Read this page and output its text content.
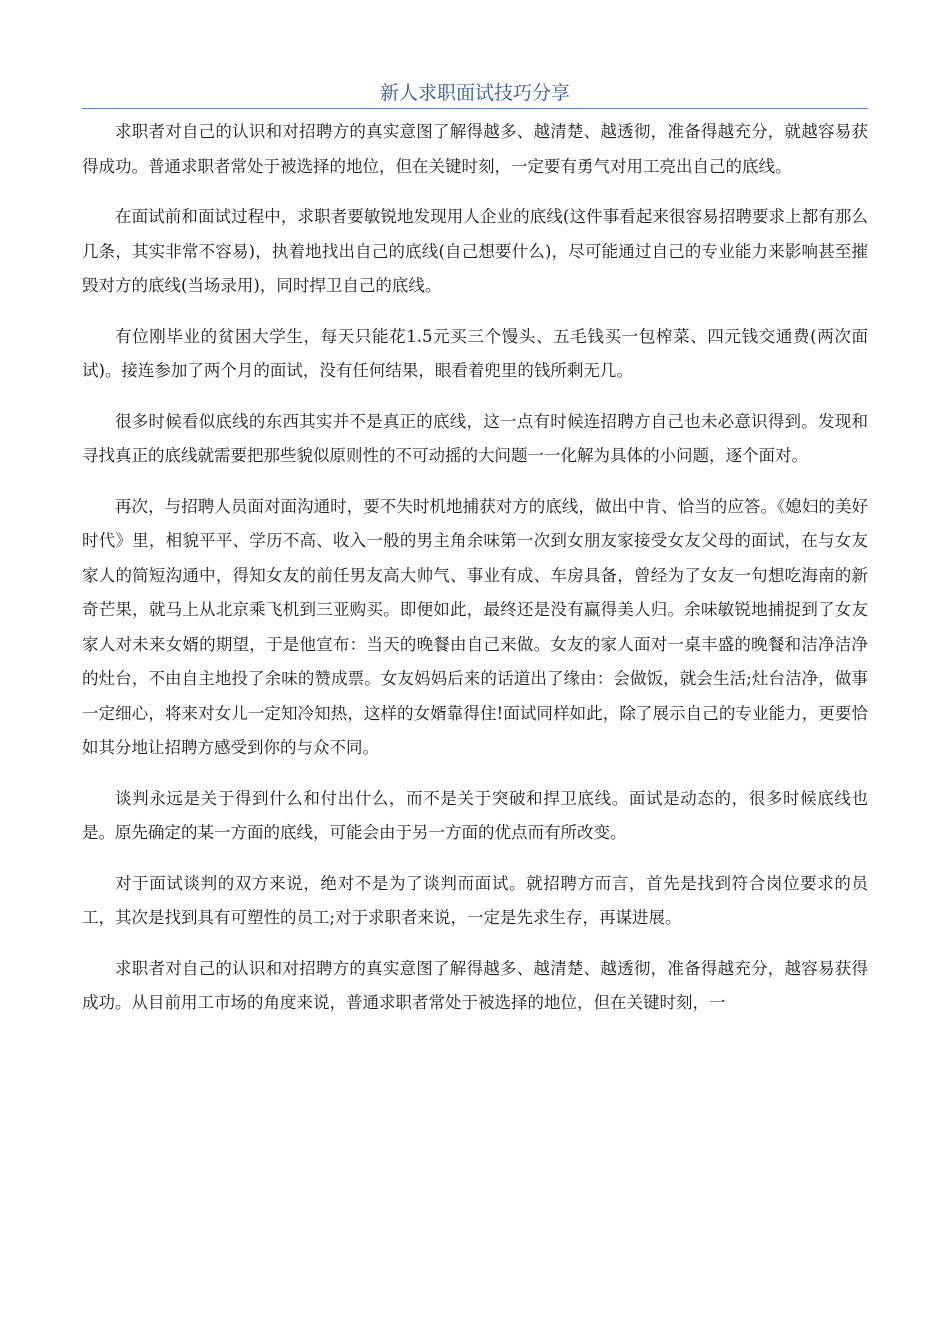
新人求职面试技巧分享

求职者对自己的认识和对招聘方的真实意图了解得越多、越清楚、越透彻，准备得越充分，就越容易获得成功。普通求职者常处于被选择的地位，但在关键时刻，一定要有勇气对用工亮出自己的底线。

在面试前和面试过程中，求职者要敏锐地发现用人企业的底线(这件事看起来很容易招聘要求上都有那么几条，其实非常不容易)，执着地找出自己的底线(自己想要什么)，尽可能通过自己的专业能力来影响甚至摧毁对方的底线(当场录用)，同时捍卫自己的底线。

有位刚毕业的贫困大学生，每天只能花1.5元买三个馒头、五毛钱买一包榨菜、四元钱交通费(两次面试)。接连参加了两个月的面试，没有任何结果，眼看着兜里的钱所剩无几。

很多时候看似底线的东西其实并不是真正的底线，这一点有时候连招聘方自己也未必意识得到。发现和寻找真正的底线就需要把那些貌似原则性的不可动摇的大问题一一化解为具体的小问题，逐个面对。

再次，与招聘人员面对面沟通时，要不失时机地捕获对方的底线，做出中肯、恰当的应答。《媳妇的美好时代》里，相貌平平、学历不高、收入一般的男主角余味第一次到女朋友家接受女友父母的面试，在与女友家人的简短沟通中，得知女友的前任男友高大帅气、事业有成、车房具备，曾经为了女友一句想吃海南的新奇芒果，就马上从北京乘飞机到三亚购买。即便如此，最终还是没有赢得美人归。余味敏锐地捕捉到了女友家人对未来女婿的期望，于是他宣布：当天的晚餐由自己来做。女友的家人面对一桌丰盛的晚餐和洁净洁净的灶台，不由自主地投了余味的赞成票。女友妈妈后来的话道出了缘由：会做饭，就会生活;灶台洁净，做事一定细心，将来对女儿一定知冷知热，这样的女婿靠得住!面试同样如此，除了展示自己的专业能力，更要恰如其分地让招聘方感受到你的与众不同。

谈判永远是关于得到什么和付出什么，而不是关于突破和捍卫底线。面试是动态的，很多时候底线也是。原先确定的某一方面的底线，可能会由于另一方面的优点而有所改变。

对于面试谈判的双方来说，绝对不是为了谈判而面试。就招聘方而言，首先是找到符合岗位要求的员工，其次是找到具有可塑性的员工;对于求职者来说，一定是先求生存，再谋进展。

求职者对自己的认识和对招聘方的真实意图了解得越多、越清楚、越透彻，准备得越充分，越容易获得成功。从目前用工市场的角度来说，普通求职者常处于被选择的地位，但在关键时刻，一
